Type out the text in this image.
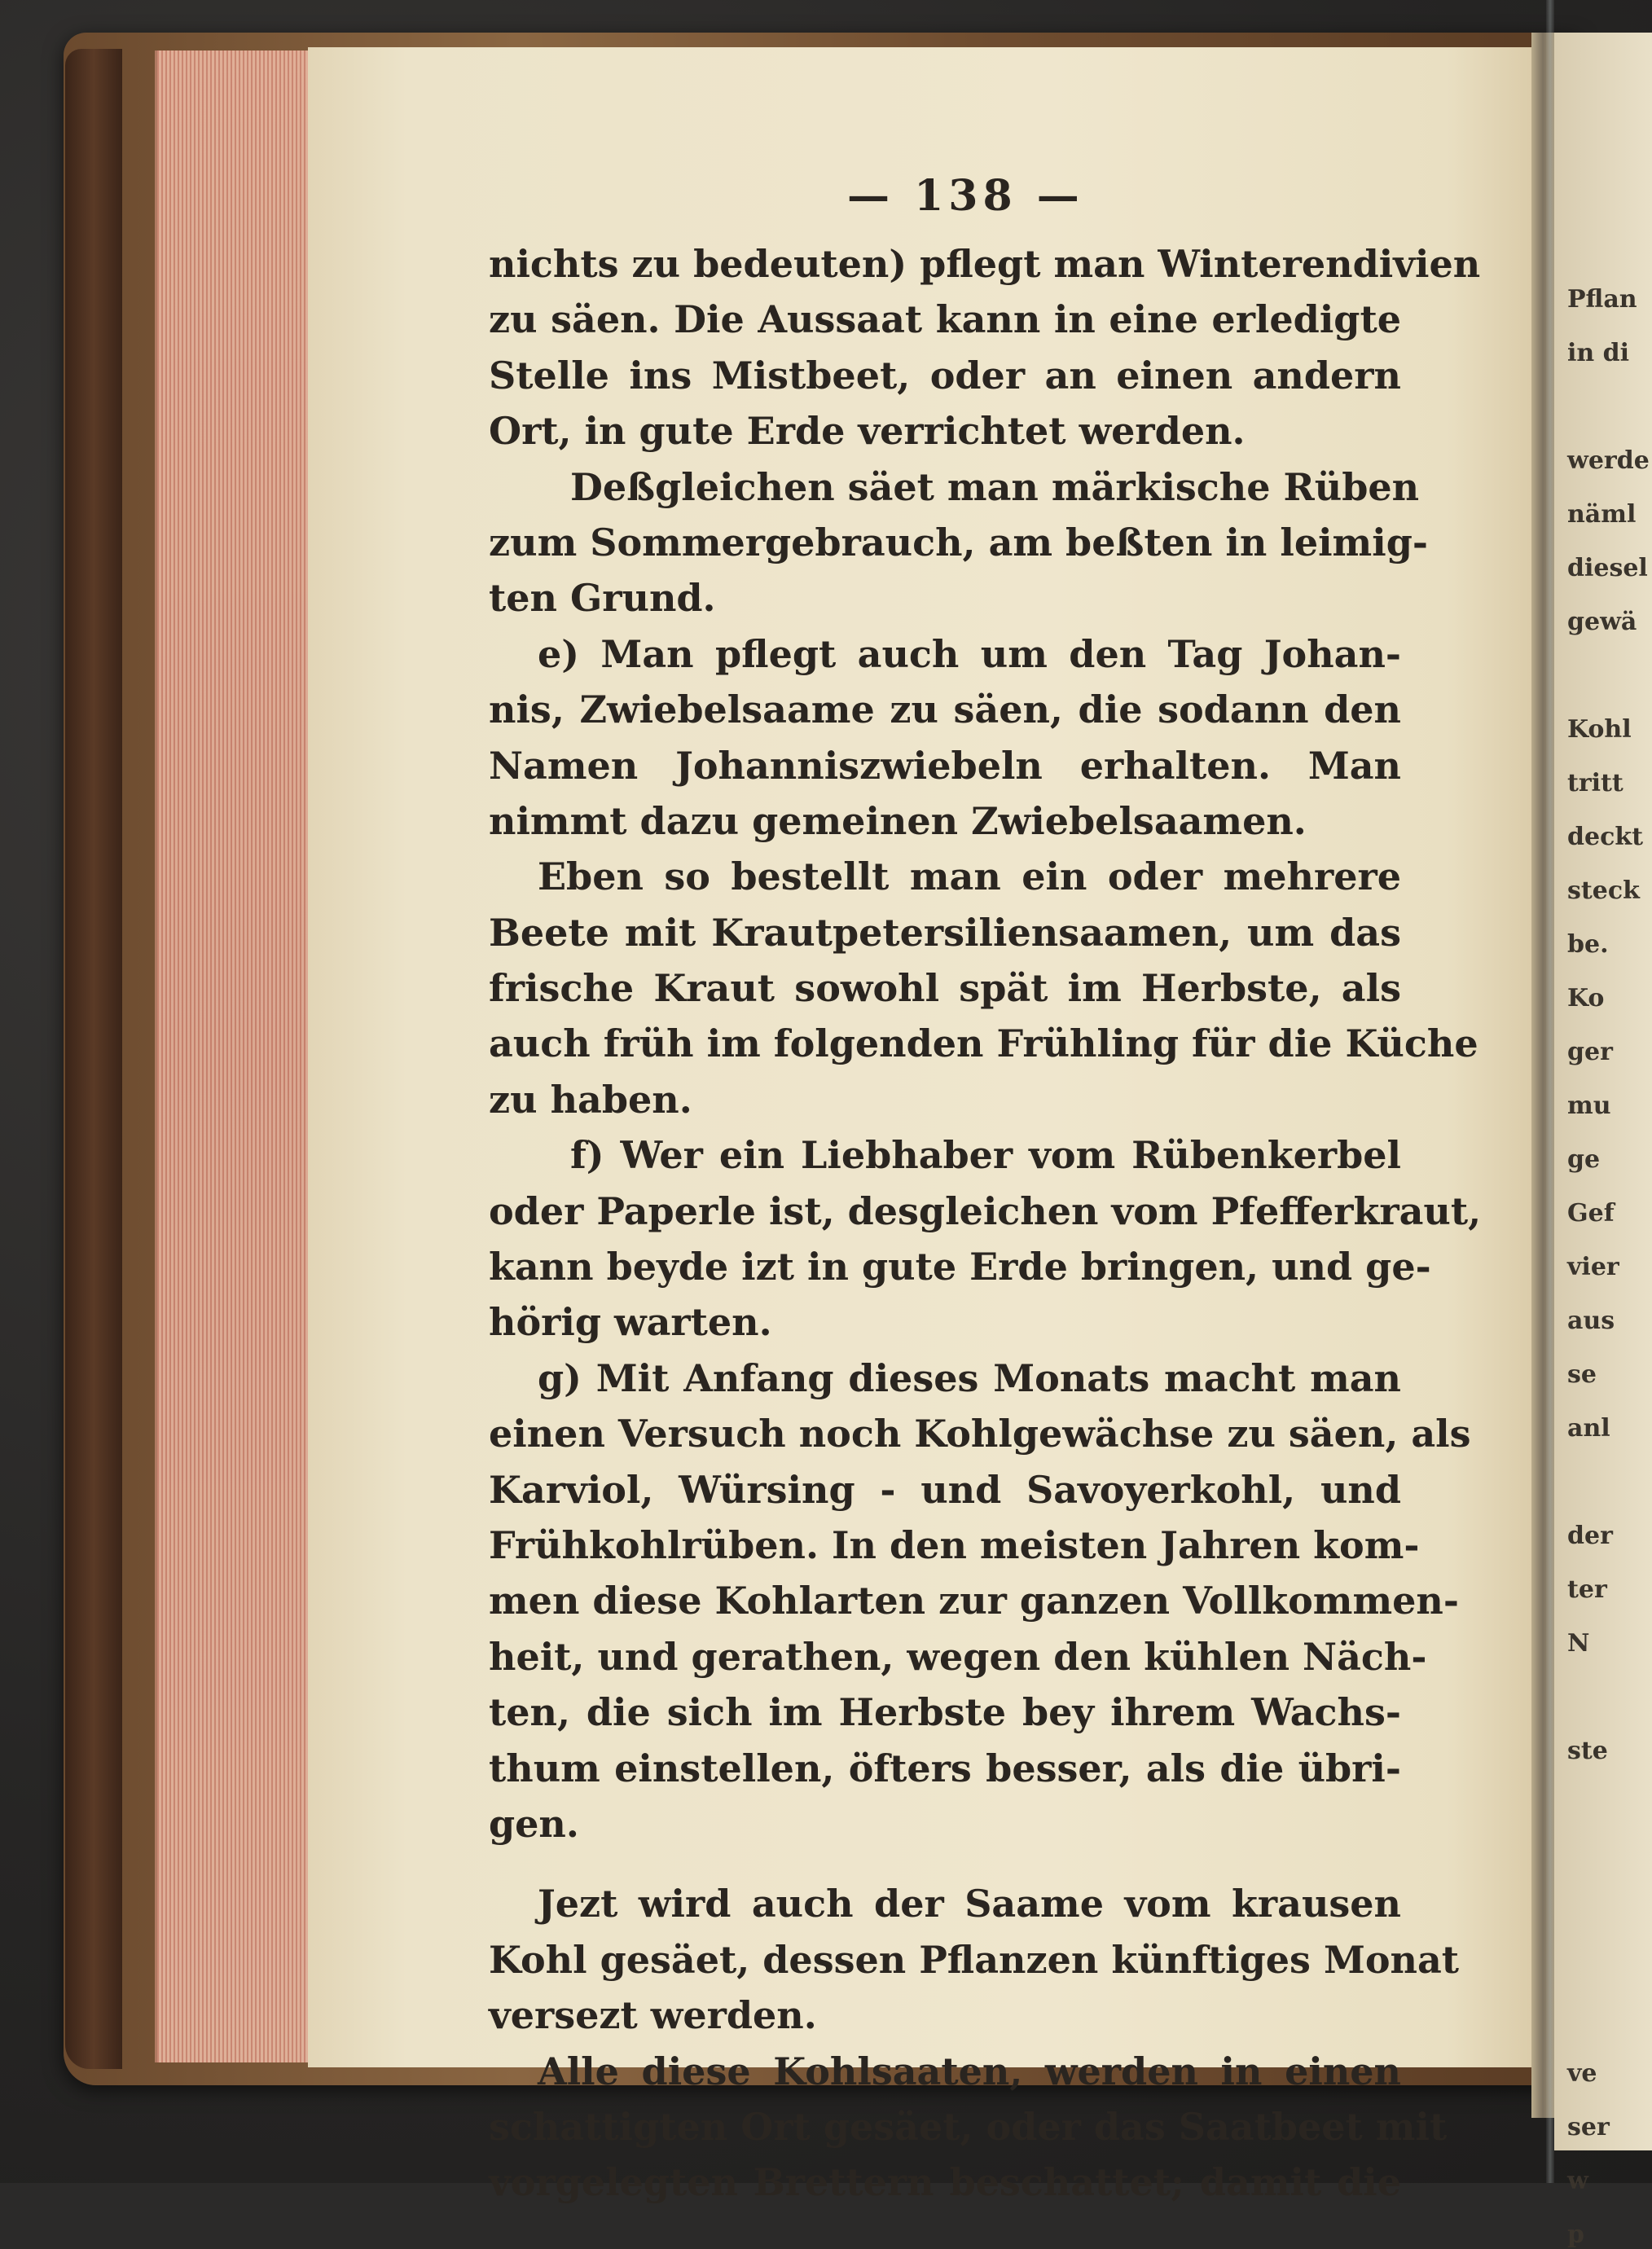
— 138 —
nichts zu bedeuten) pflegt man Winterendivien
zu säen. Die Aussaat kann in eine erledigte
Stelle ins Mistbeet, oder an einen andern
Ort, in gute Erde verrichtet werden.
Deßgleichen säet man märkische Rüben
zum Sommergebrauch, am beßten in leimig-
ten Grund.
e) Man pflegt auch um den Tag Johan-
nis, Zwiebelsaame zu säen, die sodann den
Namen Johanniszwiebeln erhalten. Man
nimmt dazu gemeinen Zwiebelsaamen.
Eben so bestellt man ein oder mehrere
Beete mit Krautpetersiliensaamen, um das
frische Kraut sowohl spät im Herbste, als
auch früh im folgenden Frühling für die Küche
zu haben.
f) Wer ein Liebhaber vom Rübenkerbel
oder Paperle ist, desgleichen vom Pfefferkraut,
kann beyde izt in gute Erde bringen, und ge-
hörig warten.
g) Mit Anfang dieses Monats macht man
einen Versuch noch Kohlgewächse zu säen, als
Karviol, Würsing - und Savoyerkohl, und
Frühkohlrüben. In den meisten Jahren kom-
men diese Kohlarten zur ganzen Vollkommen-
heit, und gerathen, wegen den kühlen Näch-
ten, die sich im Herbste bey ihrem Wachs-
thum einstellen, öfters besser, als die übri-
gen.
Jezt wird auch der Saame vom krausen
Kohl gesäet, dessen Pflanzen künftiges Monat
versezt werden.
Alle diese Kohlsaaten, werden in einen
schattigten Ort gesäet, oder das Saatbeet mit
vorgelegten Brettern beschattet; damit die
Pflan
in di
werde
näml
diesel
gewä
Kohl
tritt
deckt
steck
be.
Ko
ger
mu
ge
Gef
vier
aus
se
anl
der
ter
N
ste
ve
ser
w
p
